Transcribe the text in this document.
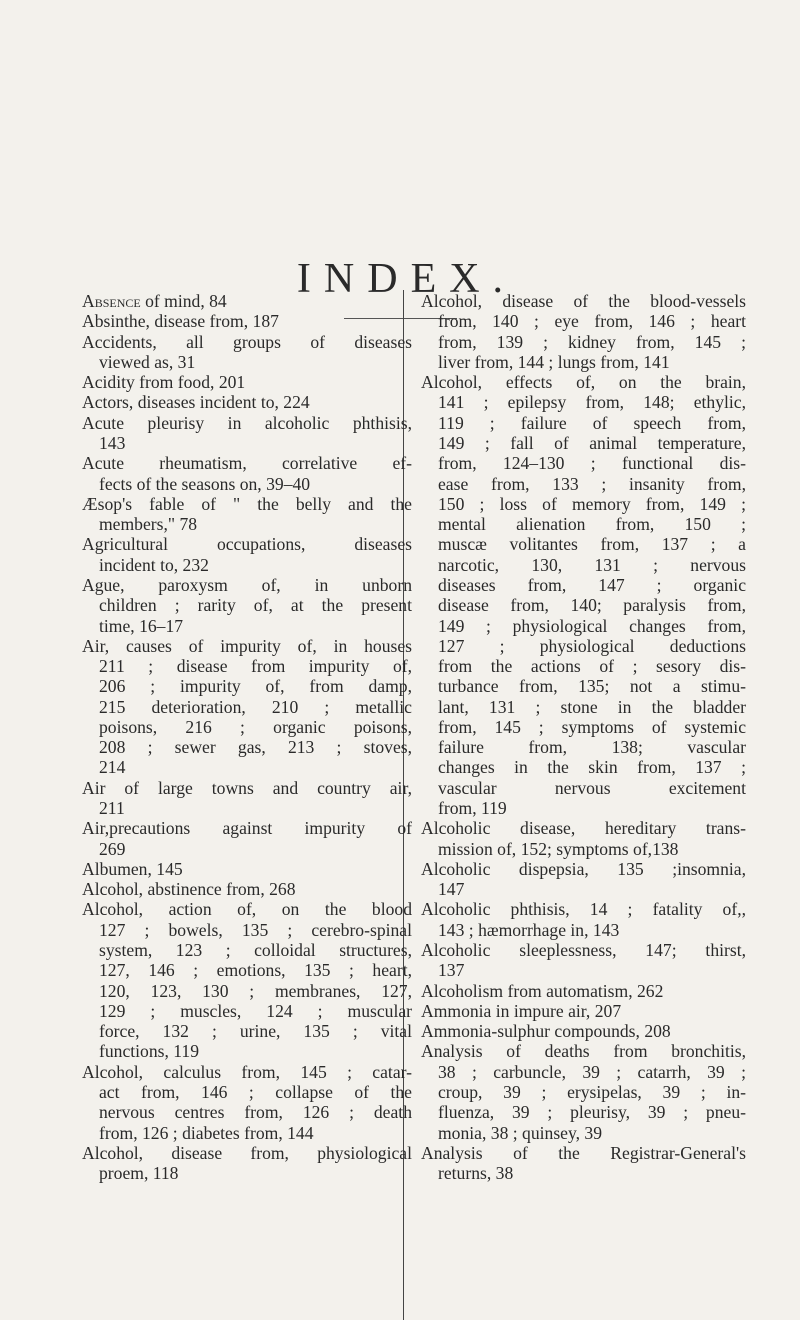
INDEX.
Absence of mind, 84
Absinthe, disease from, 187
Accidents, all groups of diseases
viewed as, 31
Acidity from food, 201
Actors, diseases incident to, 224
Acute pleurisy in alcoholic phthisis,
143
Acute rheumatism, correlative ef-
fects of the seasons on, 39–40
Æsop's fable of " the belly and the
members," 78
Agricultural occupations, diseases
incident to, 232
Ague, paroxysm of, in unborn
children ; rarity of, at the present
time, 16–17
Air, causes of impurity of, in houses
211 ; disease from impurity of,
206 ; impurity of, from damp,
215 deterioration, 210 ; metallic
poisons, 216 ; organic poisons,
208 ; sewer gas, 213 ; stoves,
214
Air of large towns and country air,
211
Air,precautions against impurity of
269
Albumen, 145
Alcohol, abstinence from, 268
Alcohol, action of, on the blood
127 ; bowels, 135 ; cerebro-spinal
system, 123 ; colloidal structures,
127, 146 ; emotions, 135 ; heart,
120, 123, 130 ; membranes, 127,
129 ; muscles, 124 ; muscular
force, 132 ; urine, 135 ; vital
functions, 119
Alcohol, calculus from, 145 ; catar-
act from, 146 ; collapse of the
nervous centres from, 126 ; death
from, 126 ; diabetes from, 144
Alcohol, disease from, physiological
proem, 118
Alcohol, disease of the blood-vessels
from, 140 ; eye from, 146 ; heart
from, 139 ; kidney from, 145 ;
liver from, 144 ; lungs from, 141
Alcohol, effects of, on the brain,
141 ; epilepsy from, 148; ethylic,
119 ; failure of speech from,
149 ; fall of animal temperature,
from, 124–130 ; functional dis-
ease from, 133 ; insanity from,
150 ; loss of memory from, 149 ;
mental alienation from, 150 ;
muscæ volitantes from, 137 ; a
narcotic, 130, 131 ; nervous
diseases from, 147 ; organic
disease from, 140; paralysis from,
149 ; physiological changes from,
127 ; physiological deductions
from the actions of ; sesory dis-
turbance from, 135; not a stimu-
lant, 131 ; stone in the bladder
from, 145 ; symptoms of systemic
failure from, 138; vascular
changes in the skin from, 137 ;
vascular nervous excitement
from, 119
Alcoholic disease, hereditary trans-
mission of, 152; symptoms of,138
Alcoholic dispepsia, 135 ;insomnia,
147
Alcoholic phthisis, 14 ; fatality of,,
143 ; hæmorrhage in, 143
Alcoholic sleeplessness, 147; thirst,
137
Alcoholism from automatism, 262
Ammonia in impure air, 207
Ammonia-sulphur compounds, 208
Analysis of deaths from bronchitis,
38 ; carbuncle, 39 ; catarrh, 39 ;
croup, 39 ; erysipelas, 39 ; in-
fluenza, 39 ; pleurisy, 39 ; pneu-
monia, 38 ; quinsey, 39
Analysis of the Registrar-General's
returns, 38
